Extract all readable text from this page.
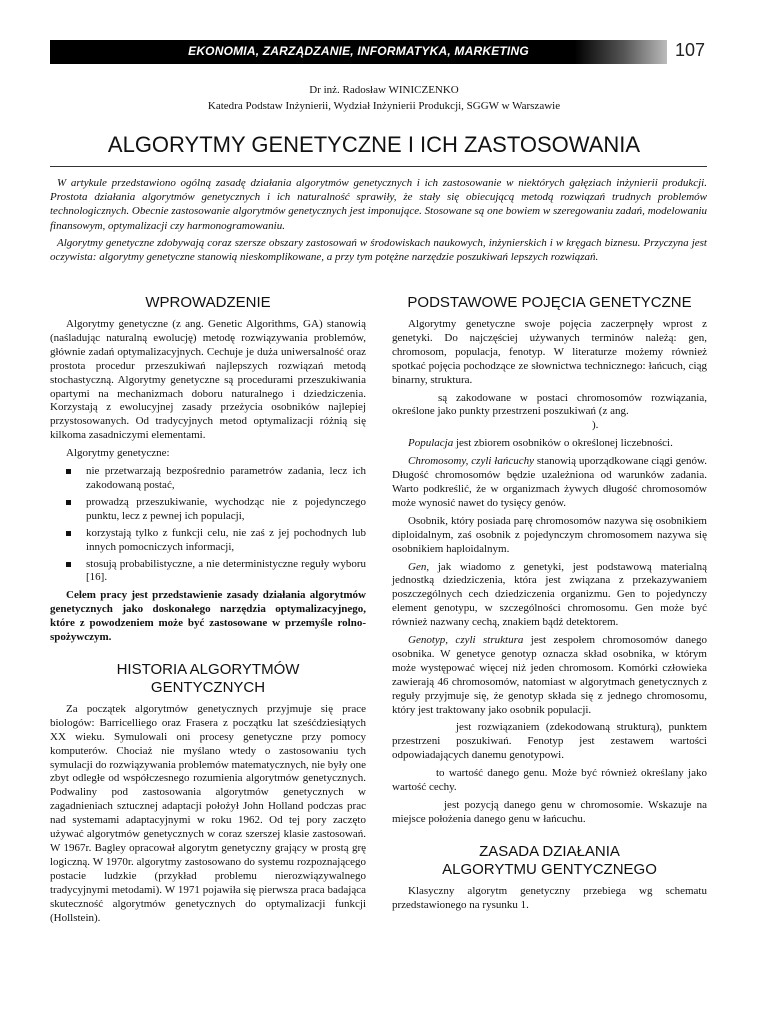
EKONOMIA, ZARZĄDZANIE, INFORMATYKA, MARKETING	107
Dr inż. Radosław WINICZENKO
Katedra Podstaw Inżynierii, Wydział Inżynierii Produkcji, SGGW w Warszawie
ALGORYTMY GENETYCZNE I ICH ZASTOSOWANIA

W artykule przedstawiono ogólną zasadę działania algorytmów genetycznych i ich zastosowanie w niektórych gałęziach inżynierii produkcji. Prostota działania algorytmów genetycznych i ich naturalność sprawiły, że stały się obiecującą metodą rozwiązań trudnych problemów technologicznych. Obecnie zastosowanie algorytmów genetycznych jest imponujące. Stosowane są one bowiem w szeregowaniu zadań, modelowaniu finansowym, optymalizacji czy harmonogramowaniu.

Algorytmy genetyczne zdobywają coraz szersze obszary zastosowań w środowiskach naukowych, inżynierskich i w kręgach biznesu. Przyczyna jest oczywista: algorytmy genetyczne stanowią nieskomplikowane, a przy tym potężne narzędzie poszukiwań lepszych rozwiązań.

WPROWADZENIE

Algorytmy genetyczne (z ang. Genetic Algorithms, GA) stanowią (naśladując naturalną ewolucję) metodę rozwiązywania problemów, głównie zadań optymalizacyjnych. Cechuje je duża uniwersalność oraz prostota procedur przeszukiwań najlepszych rozwiązań metodą stochastyczną. Algorytmy genetyczne są procedurami przeszukiwania opartymi na mechanizmach doboru naturalnego i dziedziczenia. Korzystają z ewolucyjnej zasady przeżycia osobników najlepiej przystosowanych. Od tradycyjnych metod optymalizacji różnią się kilkoma zasadniczymi elementami.

Algorytmy genetyczne:

nie przetwarzają bezpośrednio parametrów zadania, lecz ich zakodowaną postać,
prowadzą przeszukiwanie, wychodząc nie z pojedynczego punktu, lecz z pewnej ich populacji,
korzystają tylko z funkcji celu, nie zaś z jej pochodnych lub innych pomocniczych informacji,
stosują probabilistyczne, a nie deterministyczne reguły wyboru [16].

Celem pracy jest przedstawienie zasady działania algorytmów genetycznych jako doskonałego narzędzia optymalizacyjnego, które z powodzeniem może być zastosowane w przemyśle rolno-spożywczym.

HISTORIA ALGORYTMÓW
GENTYCZNYCH

Za początek algorytmów genetycznych przyjmuje się prace biologów: Barricelliego oraz Frasera z początku lat sześćdziesiątych XX wieku. Symulowali oni procesy genetyczne przy pomocy komputerów. Chociaż nie myślano wtedy o zastosowaniu tych symulacji do rozwiązywania problemów matematycznych, nie były one zbyt odległe od współczesnego rozumienia algorytmów genetycznych. Podwaliny pod zastosowania algorytmów genetycznych w zagadnieniach sztucznej adaptacji położył John Holland podczas prac nad systemami adaptacyjnymi w roku 1962. Od tej pory zaczęto używać algorytmów genetycznych w coraz szerszej klasie zastosowań. W 1967r. Bagley opracował algorytm genetyczny grający w prostą grę logiczną. W 1970r. algorytmy zastosowano do systemu rozpoznającego postacie ludzkie (przykład problemu nierozwiązywalnego tradycyjnymi metodami). W 1971 pojawiła się pierwsza praca badająca skuteczność algorytmów genetycznych do optymalizacji funkcji (Hollstein).

PODSTAWOWE POJĘCIA GENETYCZNE

Algorytmy genetyczne swoje pojęcia zaczerpnęły wprost z genetyki. Do najczęściej używanych terminów należą: gen, chromosom, populacja, fenotyp. W literaturze możemy również spotkać pojęcia pochodzące ze słownictwa technicznego: łańcuch, ciąg binarny, struktura.

są zakodowane w postaci chromosomów rozwiązania, określone jako punkty przestrzeni poszukiwań (z ang.
).

Populacja jest zbiorem osobników o określonej liczebności.

Chromosomy, czyli łańcuchy stanowią uporządkowane ciągi genów. Długość chromosomów będzie uzależniona od warunków zadania. Warto podkreślić, że w organizmach żywych długość chromosomów może wynosić nawet do tysięcy genów.

Osobnik, który posiada parę chromosomów nazywa się osobnikiem diploidalnym, zaś osobnik z pojedynczym chromosomem nazywa się osobnikiem haploidalnym.

Gen, jak wiadomo z genetyki, jest podstawową materialną jednostką dziedziczenia, która jest związana z przekazywaniem poszczególnych cech dziedziczenia organizmu. Gen to pojedynczy element genotypu, w szczególności chromosomu. Gen może być również nazwany cechą, znakiem bądź detektorem.

Genotyp, czyli struktura jest zespołem chromosomów danego osobnika. W genetyce genotyp oznacza skład osobnika, w którym może występować więcej niż jeden chromosom. Komórki człowieka zawierają 46 chromosomów, natomiast w algorytmach genetycznych z reguły przyjmuje się, że genotyp składa się z jednego chromosomu, który jest traktowany jako osobnik populacji.

jest rozwiązaniem (zdekodowaną strukturą), punktem przestrzeni poszukiwań. Fenotyp jest zestawem wartości odpowiadających danemu genotypowi.

to wartość danego genu. Może być również określany jako wartość cechy.

jest pozycją danego genu w chromosomie. Wskazuje na miejsce położenia danego genu w łańcuchu.

ZASADA DZIAŁANIA
ALGORYTMU GENTYCZNEGO

Klasyczny algorytm genetyczny przebiega wg schematu przedstawionego na rysunku 1.
